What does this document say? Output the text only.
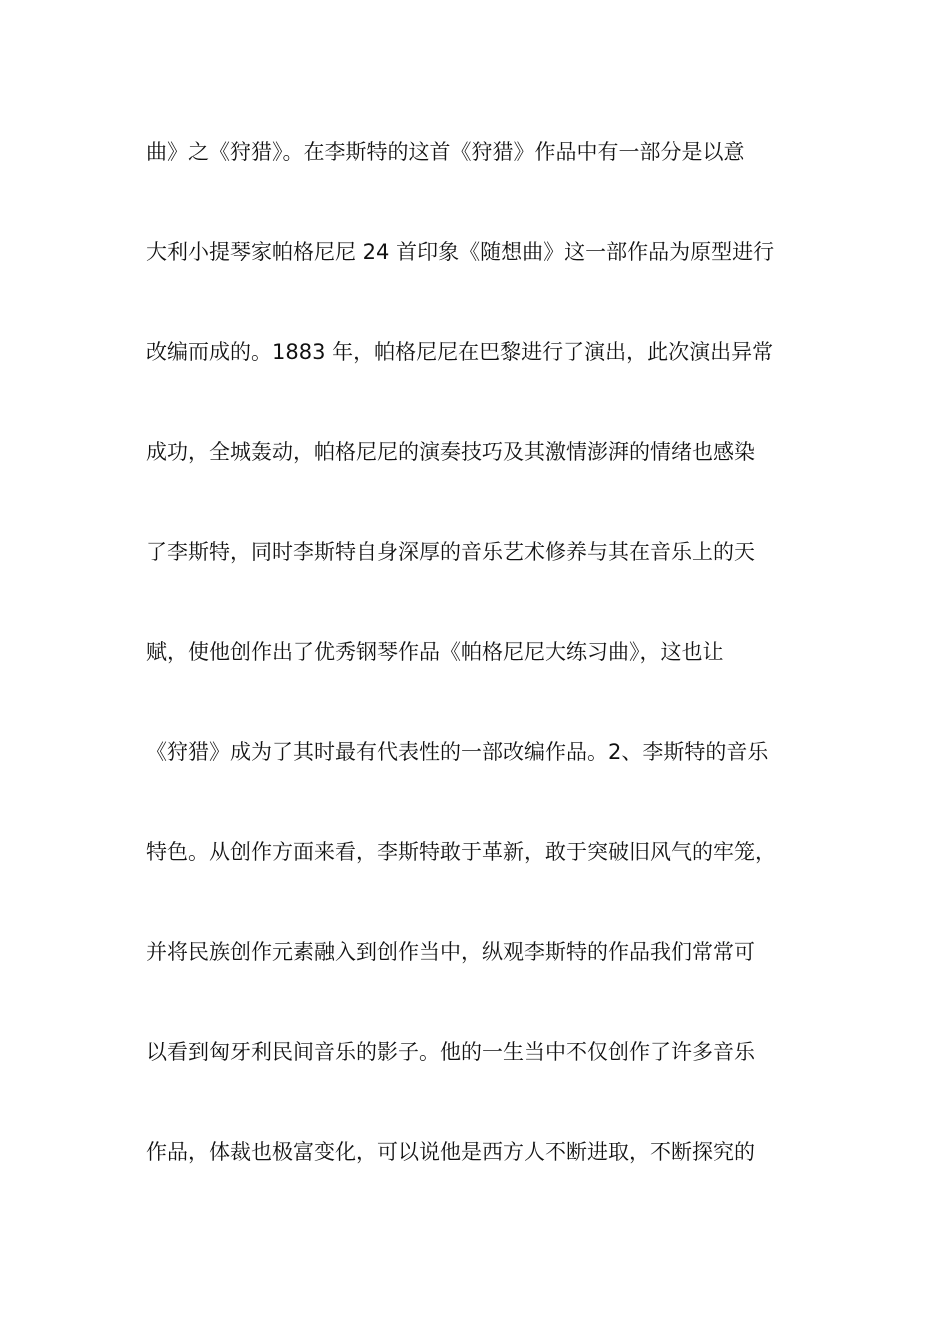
曲》之《狩猎》。在李斯特的这首《狩猎》作品中有一部分是以意
大利小提琴家帕格尼尼 24 首印象《随想曲》这一部作品为原型进行
改编而成的。1883 年，帕格尼尼在巴黎进行了演出，此次演出异常
成功，全城轰动，帕格尼尼的演奏技巧及其激情澎湃的情绪也感染
了李斯特，同时李斯特自身深厚的音乐艺术修养与其在音乐上的天
赋，使他创作出了优秀钢琴作品《帕格尼尼大练习曲》，这也让
《狩猎》成为了其时最有代表性的一部改编作品。2、李斯特的音乐
特色。从创作方面来看，李斯特敢于革新，敢于突破旧风气的牢笼，
并将民族创作元素融入到创作当中，纵观李斯特的作品我们常常可
以看到匈牙利民间音乐的影子。他的一生当中不仅创作了许多音乐
作品，体裁也极富变化，可以说他是西方人不断进取，不断探究的
